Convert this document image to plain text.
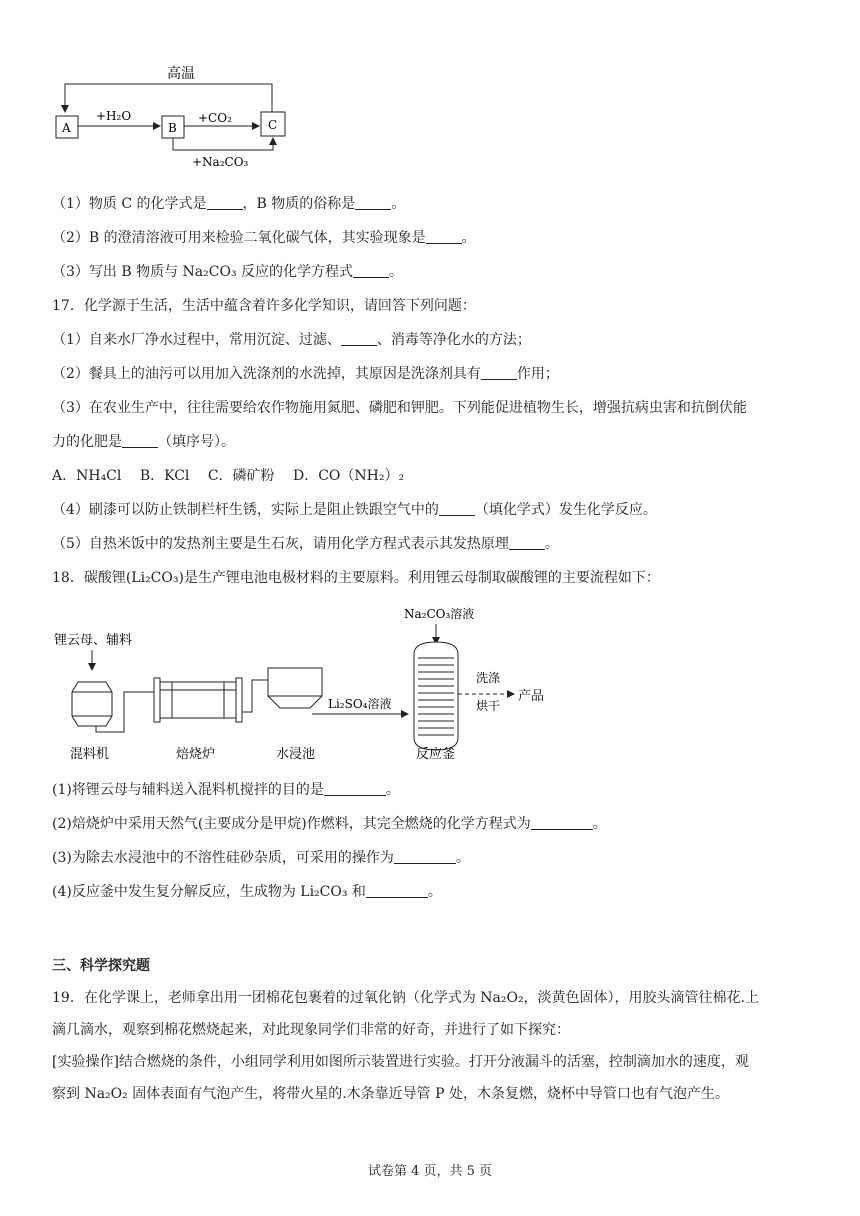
高温
A
+H₂O
B
+CO₂	C
+Na₂CO₃
（1）物质 C 的化学式是	，B 物质的俗称是	。
（2）B 的澄清溶液可用来检验二氧化碳气体，其实验现象是	。
（3）写出 B 物质与 Na₂CO₃ 反应的化学方程式	。
17．化学源于生活，生活中蕴含着许多化学知识，请回答下列问题：
（1）自来水厂净水过程中，常用沉淀、过滤、	、消毒等净化水的方法；
（2）餐具上的油污可以用加入洗涤剂的水洗掉，其原因是洗涤剂具有	作用；
（3）在农业生产中，往往需要给农作物施用氮肥、磷肥和钾肥。下列能促进植物生长，增强抗病虫害和抗倒伏能
力的化肥是	（填序号）。
A．NH₄Cl　 B．KCl　 C．磷矿粉　 D．CO（NH₂）₂
（4）刷漆可以防止铁制栏杆生锈，实际上是阻止铁跟空气中的	（填化学式）发生化学反应。
（5）自热米饭中的发热剂主要是生石灰，请用化学方程式表示其发热原理	。
18．碳酸锂(Li₂CO₃)是生产锂电池电极材料的主要原料。利用锂云母制取碳酸锂的主要流程如下：
锂云母、辅料
Li₂SO₄溶液
Na₂CO₃溶液
洗涤
烘干
产品
混料机	焙烧炉	水浸池	反应釜
(1)将锂云母与辅料送入混料机搅拌的目的是	。
(2)焙烧炉中采用天然气(主要成分是甲烷)作燃料，其完全燃烧的化学方程式为	。
(3)为除去水浸池中的不溶性硅砂杂质，可采用的操作为	。
(4)反应釜中发生复分解反应，生成物为 Li₂CO₃ 和	。
三、科学探究题
19．在化学课上，老师拿出用一团棉花包裹着的过氧化钠（化学式为 Na₂O₂，淡黄色固体），用胶头滴管往棉花.上
滴几滴水，观察到棉花燃烧起来，对此现象同学们非常的好奇，并进行了如下探究：
[实验操作]结合燃烧的条件，小组同学利用如图所示装置进行实验。打开分液漏斗的活塞，控制滴加水的速度，观
察到 Na₂O₂ 固体表面有气泡产生，将带火星的.木条靠近导管 P 处，木条复燃，烧杯中导管口也有气泡产生。
试卷第 4 页，共 5 页
